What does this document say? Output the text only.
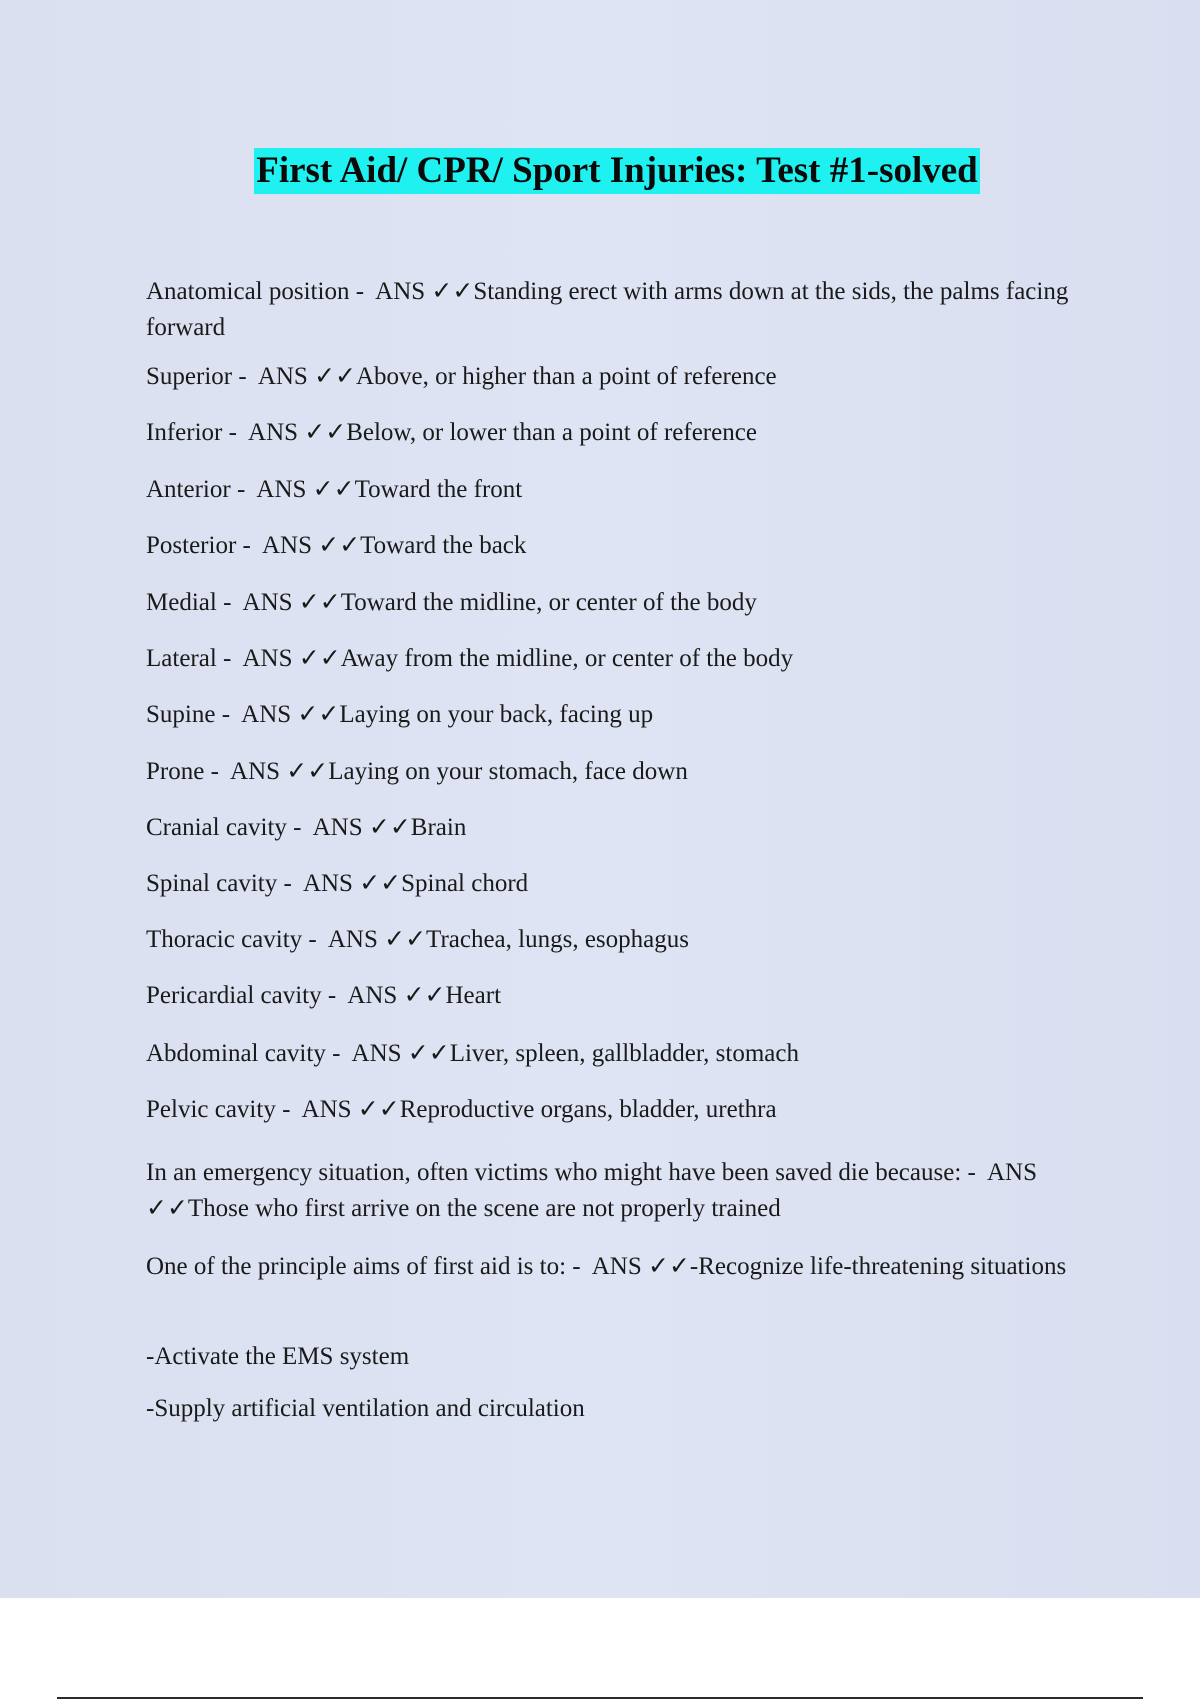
First Aid/ CPR/ Sport Injuries: Test #1-solved
Anatomical position -  ANS ✓✓Standing erect with arms down at the sids, the palms facing forward
Superior -  ANS ✓✓Above, or higher than a point of reference
Inferior -  ANS ✓✓Below, or lower than a point of reference
Anterior -  ANS ✓✓Toward the front
Posterior -  ANS ✓✓Toward the back
Medial -  ANS ✓✓Toward the midline, or center of the body
Lateral -  ANS ✓✓Away from the midline, or center of the body
Supine -  ANS ✓✓Laying on your back, facing up
Prone -  ANS ✓✓Laying on your stomach, face down
Cranial cavity -  ANS ✓✓Brain
Spinal cavity -  ANS ✓✓Spinal chord
Thoracic cavity -  ANS ✓✓Trachea, lungs, esophagus
Pericardial cavity -  ANS ✓✓Heart
Abdominal cavity -  ANS ✓✓Liver, spleen, gallbladder, stomach
Pelvic cavity -  ANS ✓✓Reproductive organs, bladder, urethra
In an emergency situation, often victims who might have been saved die because: -  ANS ✓✓Those who first arrive on the scene are not properly trained
One of the principle aims of first aid is to: -  ANS ✓✓-Recognize life-threatening situations
-Activate the EMS system
-Supply artificial ventilation and circulation
